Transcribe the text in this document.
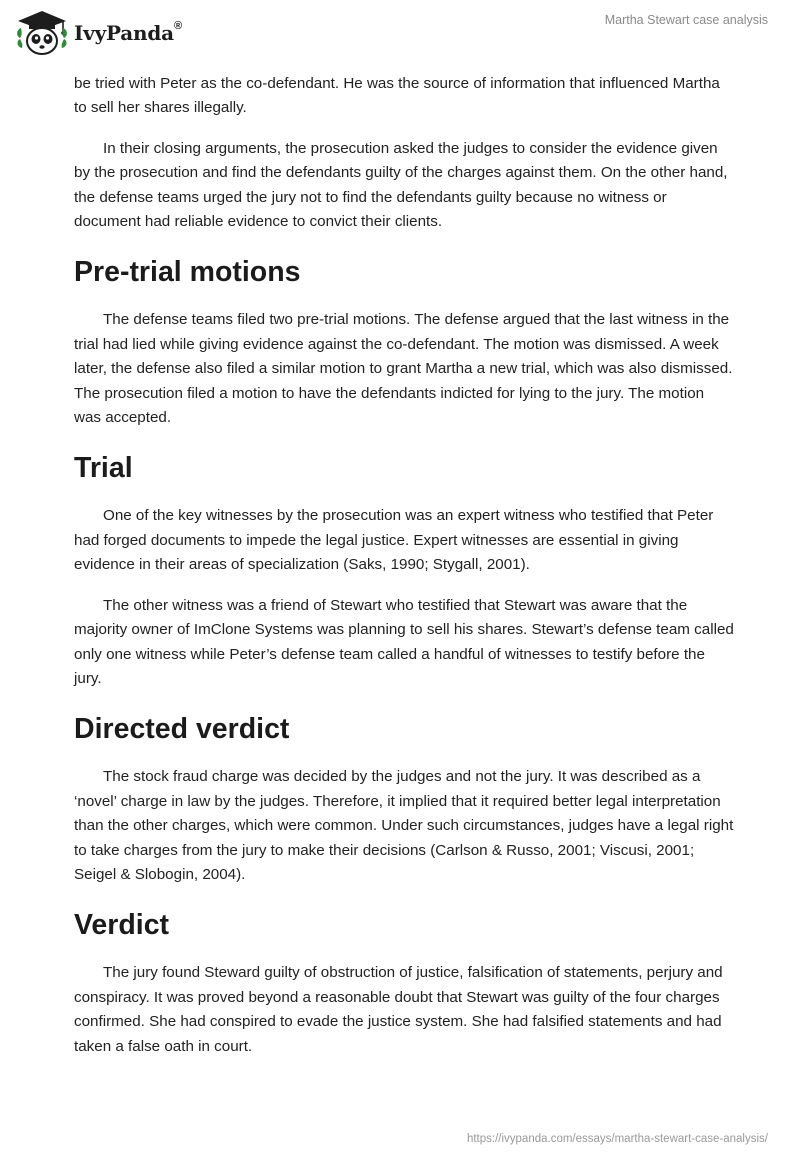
IvyPanda®	Martha Stewart case analysis

be tried with Peter as the co-defendant. He was the source of information that influenced Martha to sell her shares illegally.

In their closing arguments, the prosecution asked the judges to consider the evidence given by the prosecution and find the defendants guilty of the charges against them. On the other hand, the defense teams urged the jury not to find the defendants guilty because no witness or document had reliable evidence to convict their clients.

Pre-trial motions

The defense teams filed two pre-trial motions. The defense argued that the last witness in the trial had lied while giving evidence against the co-defendant. The motion was dismissed. A week later, the defense also filed a similar motion to grant Martha a new trial, which was also dismissed. The prosecution filed a motion to have the defendants indicted for lying to the jury. The motion was accepted.

Trial

One of the key witnesses by the prosecution was an expert witness who testified that Peter had forged documents to impede the legal justice. Expert witnesses are essential in giving evidence in their areas of specialization (Saks, 1990; Stygall, 2001).

The other witness was a friend of Stewart who testified that Stewart was aware that the majority owner of ImClone Systems was planning to sell his shares. Stewart’s defense team called only one witness while Peter’s defense team called a handful of witnesses to testify before the jury.

Directed verdict

The stock fraud charge was decided by the judges and not the jury. It was described as a ‘novel’ charge in law by the judges. Therefore, it implied that it required better legal interpretation than the other charges, which were common. Under such circumstances, judges have a legal right to take charges from the jury to make their decisions (Carlson & Russo, 2001; Viscusi, 2001; Seigel & Slobogin, 2004).

Verdict

The jury found Steward guilty of obstruction of justice, falsification of statements, perjury and conspiracy. It was proved beyond a reasonable doubt that Stewart was guilty of the four charges confirmed. She had conspired to evade the justice system. She had falsified statements and had taken a false oath in court.

https://ivypanda.com/essays/martha-stewart-case-analysis/
